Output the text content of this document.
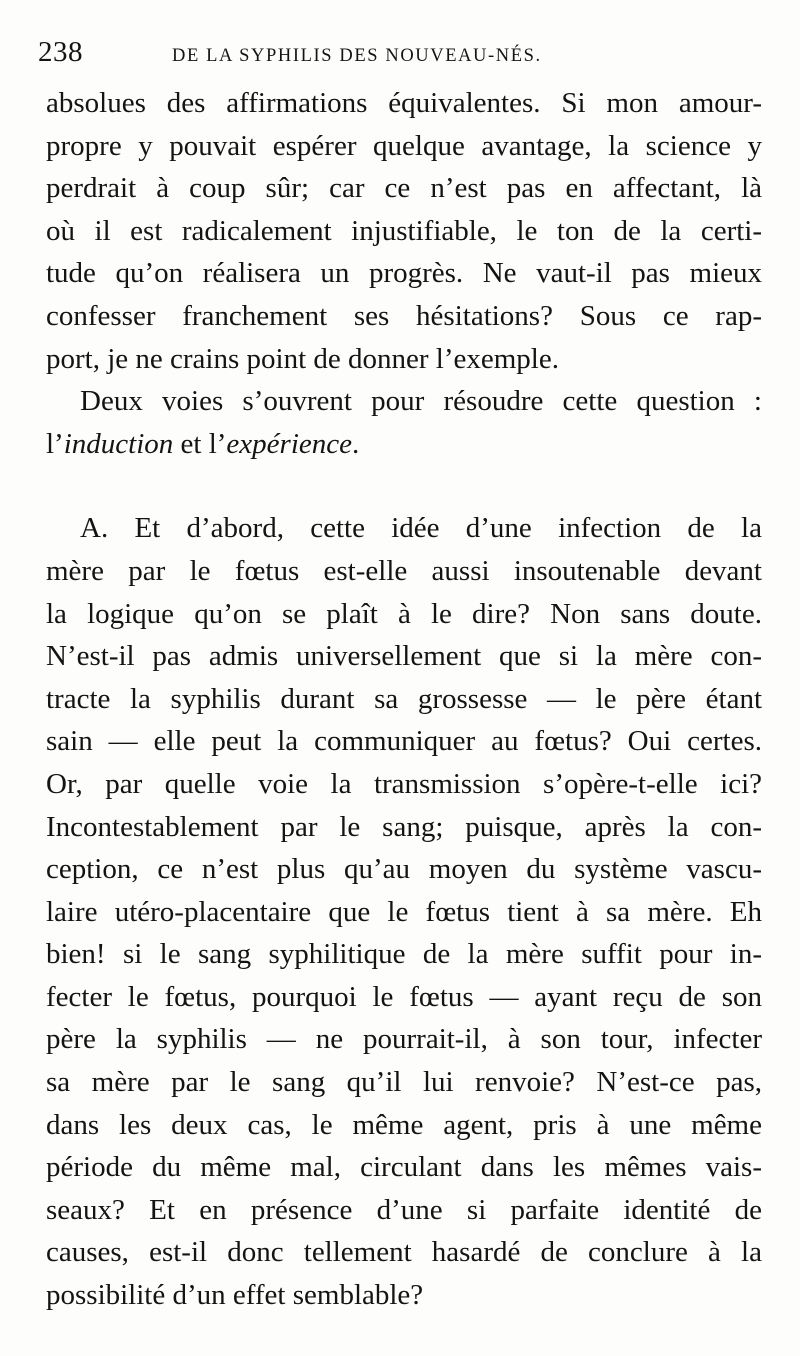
238	DE LA SYPHILIS DES NOUVEAU-NÉS.
absolues des affirmations équivalentes. Si mon amour-
propre y pouvait espérer quelque avantage, la science y
perdrait à coup sûr; car ce n’est pas en affectant, là
où il est radicalement injustifiable, le ton de la certi-
tude qu’on réalisera un progrès. Ne vaut-il pas mieux
confesser franchement ses hésitations? Sous ce rap-
port, je ne crains point de donner l’exemple.
Deux voies s’ouvrent pour résoudre cette question :
l’induction et l’expérience.
A. Et d’abord, cette idée d’une infection de la
mère par le fœtus est-elle aussi insoutenable devant
la logique qu’on se plaît à le dire? Non sans doute.
N’est-il pas admis universellement que si la mère con-
tracte la syphilis durant sa grossesse — le père étant
sain — elle peut la communiquer au fœtus? Oui certes.
Or, par quelle voie la transmission s’opère-t-elle ici?
Incontestablement par le sang; puisque, après la con-
ception, ce n’est plus qu’au moyen du système vascu-
laire utéro-placentaire que le fœtus tient à sa mère. Eh
bien! si le sang syphilitique de la mère suffit pour in-
fecter le fœtus, pourquoi le fœtus — ayant reçu de son
père la syphilis — ne pourrait-il, à son tour, infecter
sa mère par le sang qu’il lui renvoie? N’est-ce pas,
dans les deux cas, le même agent, pris à une même
période du même mal, circulant dans les mêmes vais-
seaux? Et en présence d’une si parfaite identité de
causes, est-il donc tellement hasardé de conclure à la
possibilité d’un effet semblable?
